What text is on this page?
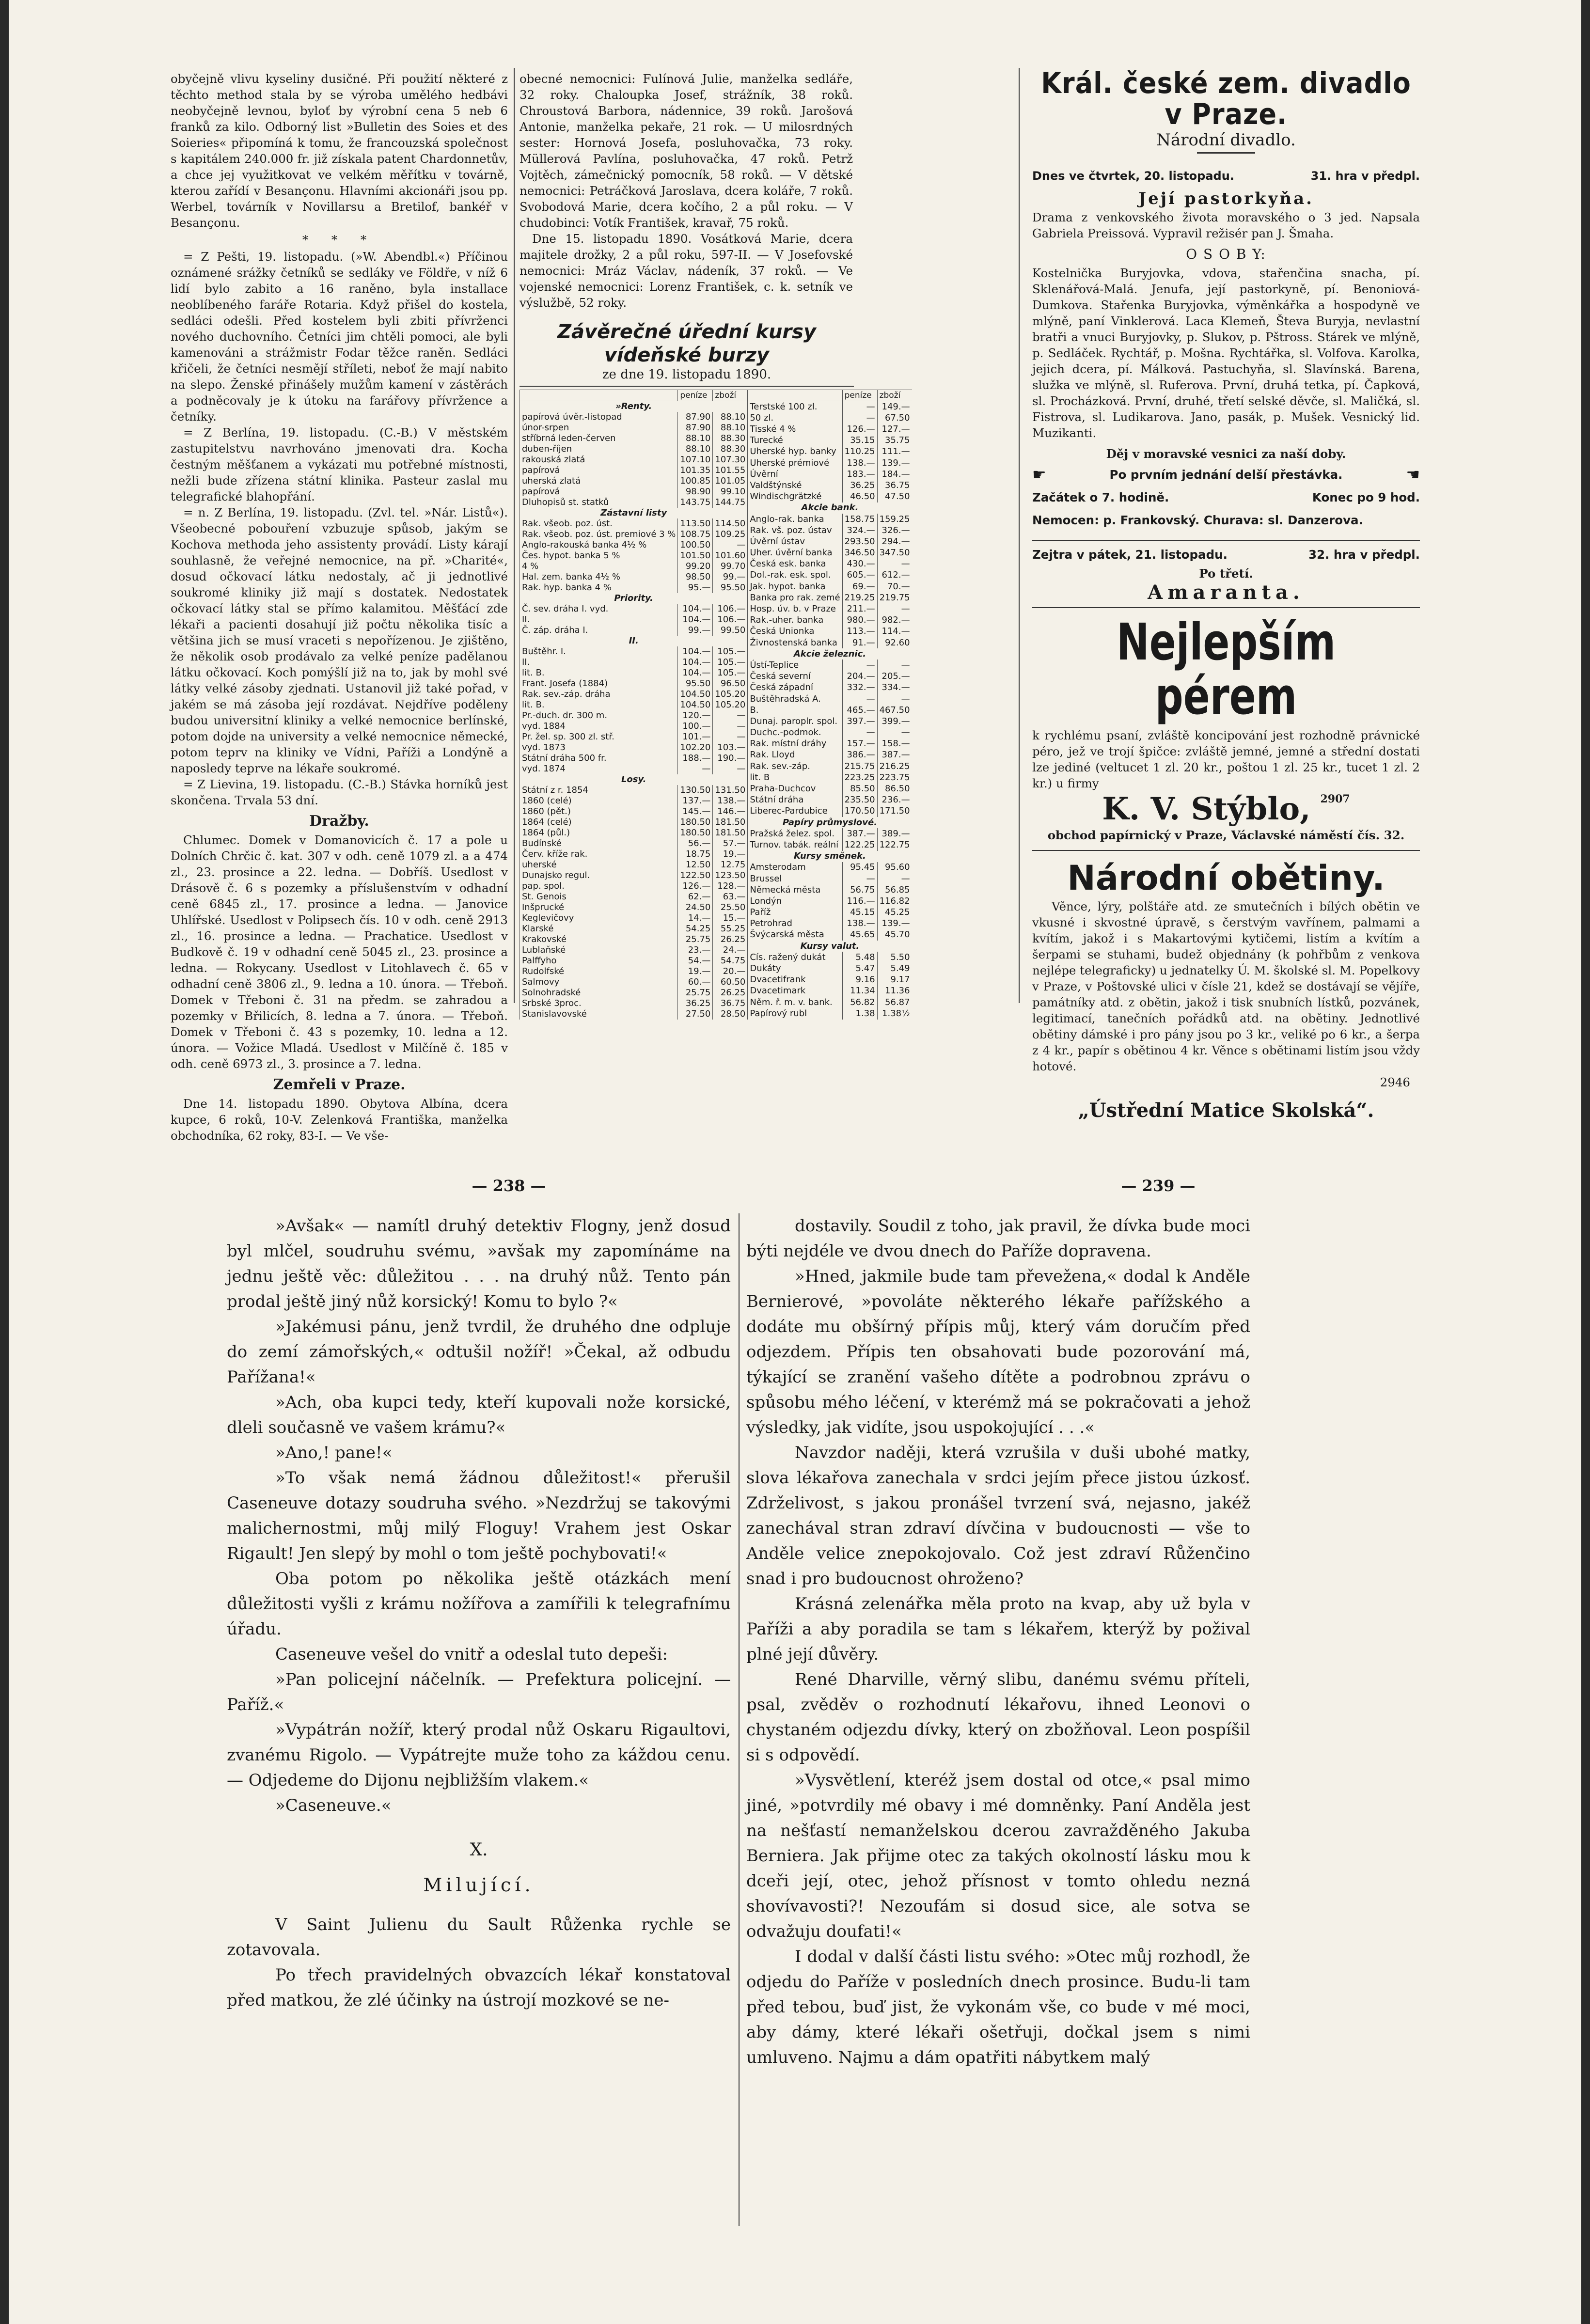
obyčejně vlivu kyseliny dusičné. Při použití některé z těchto method stala by se výroba umělého hedbávi neobyčejně levnou, byloť by výrobní cena 5 neb 6 franků za kilo. Odborný list »Bulletin des Soies et des Soieries« připomíná k tomu, že francouzská společnost s kapitálem 240.000 fr. již získala patent Chardonnetův, a chce jej využitkovat ve velkém měřítku v továrně, kterou zařídí v Besançonu. Hlavními akcionáři jsou pp. Werbel, továrník v Novillarsu a Bretilof, bankéř v Besançonu.

* * *

= Z Pešti, 19. listopadu. (»W. Abendbl.«) Příčinou oznámené srážky četníků se sedláky ve Földře, v níž 6 lidí bylo zabito a 16 raněno, byla installace neoblíbeného faráře Rotaria. Když přišel do kostela, sedláci odešli. Před kostelem byli zbiti přívrženci nového duchovního. Četníci jim chtěli pomoci, ale byli kamenováni a strážmistr Fodar těžce raněn. Sedláci křičeli, že četníci nesmějí stříleti, neboť že mají nabito na slepo. Ženské přinášely mužům kamení v zástěrách a podněcovaly je k útoku na farářovy přívržence a četníky.

= Z Berlína, 19. listopadu. (C.-B.) V městském zastupitelstvu navrhováno jmenovati dra. Kocha čestným měšťanem a vykázati mu potřebné místnosti, nežli bude zřízena státní klinika. Pasteur zaslal mu telegrafické blahopřání.

= n. Z Berlína, 19. listopadu. (Zvl. tel. »Nár. Listů«). Všeobecné pobouření vzbuzuje spůsob, jakým se Kochova methoda jeho assistenty provádí. Listy kárají souhlasně, že veřejné nemocnice, na př. »Charité«, dosud očkovací látku nedostaly, ač ji jednotlivé soukromé kliniky již mají s dostatek. Nedostatek očkovací látky stal se přímo kalamitou. Měšťácí zde lékaři a pacienti dosahují již počtu několika tisíc a většina jich se musí vraceti s nepořízenou. Je zjištěno, že několik osob prodávalo za velké peníze padělanou látku očkovací. Koch pomýšlí již na to, jak by mohl své látky velké zásoby zjednati. Ustanovil již také pořad, v jakém se má zásoba její rozdávat. Nejdříve poděleny budou universitní kliniky a velké nemocnice berlínské, potom dojde na university a velké nemocnice německé, potom teprv na kliniky ve Vídni, Paříži a Londýně a naposledy teprve na lékaře soukromé.

= Z Lievina, 19. listopadu. (C.-B.) Stávka horníků jest skončena. Trvala 53 dní.

Dražby.

Chlumec. Domek v Domanovicích č. 17 a pole u Dolních Chrčic č. kat. 307 v odh. ceně 1079 zl. a a 474 zl., 23. prosince a 22. ledna. — Dobříš. Usedlost v Drásově č. 6 s pozemky a příslušenstvím v odhadní ceně 6845 zl., 17. prosince a ledna. — Janovice Uhlířské. Usedlost v Polipsech čís. 10 v odh. ceně 2913 zl., 16. prosince a ledna. — Prachatice. Usedlost v Budkově č. 19 v odhadní ceně 5045 zl., 23. prosince a ledna. — Rokycany. Usedlost v Litohlavech č. 65 v odhadní ceně 3806 zl., 9. ledna a 10. února. — Třeboň. Domek v Třeboni č. 31 na předm. se zahradou a pozemky v Břilicích, 8. ledna a 7. února. — Třeboň. Domek v Třeboni č. 43 s pozemky, 10. ledna a 12. února. — Vožice Mladá. Usedlost v Milčíně č. 185 v odh. ceně 6973 zl., 3. prosince a 7. ledna.

Zemřeli v Praze.

Dne 14. listopadu 1890. Obytova Albína, dcera kupce, 6 roků, 10-V. Zelenková Františka, manželka obchodníka, 62 roky, 83-I. — Ve vše-

obecné nemocnici: Fulínová Julie, manželka sedláře, 32 roky. Chaloupka Josef, strážník, 38 roků. Chroustová Barbora, nádennice, 39 roků. Jarošová Antonie, manželka pekaře, 21 rok. — U milosrdných sester: Hornová Josefa, posluhovačka, 73 roky. Müllerová Pavlína, posluhovačka, 47 roků. Petrž Vojtěch, zámečnický pomocník, 58 roků. — V dětské nemocnici: Petráčková Jaroslava, dcera koláře, 7 roků. Svobodová Marie, dcera kočího, 2 a půl roku. — V chudobinci: Votík František, kravař, 75 roků.

Dne 15. listopadu 1890. Vosátková Marie, dcera majitele drožky, 2 a půl roku, 597-II. — V Josefovské nemocnici: Mráz Václav, nádeník, 37 roků. — Ve vojenské nemocnici: Lorenz František, c. k. setník ve výslužbě, 52 roky.

Závěrečné úřední kursy vídeňské burzy
ze dne 19. listopadu 1890.
	peníze	zboží
»Renty.		
papírová úvěr.-listopad	87.90	88.10
únor-srpen	87.90	88.10
stříbrná leden-červen	88.10	88.30
duben-říjen	88.10	88.30
rakouská zlatá	107.10	107.30
papírová	101.35	101.55
uherská zlatá	100.85	101.05
papírová	98.90	99.10
Dluhopisů st. statků	143.75	144.75
Zástavní listy		
Rak. všeob. poz. úst.	113.50	114.50
Rak. všeob. poz. úst. premiové 3 %	108.75	109.25
Anglo-rakouská banka 4½ %	100.50	—
Čes. hypot. banka 5 %	101.50	101.60
4 %	99.20	99.70
Hal. zem. banka 4½ %	98.50	99.—
Rak. hyp. banka 4 %	95.—	95.50
Priority.		
Č. sev. dráha I. vyd.	104.—	106.—
II.	104.—	106.—
Č. záp. dráha I.	99.—	99.50
II.		
Buštěhr. I.	104.—	105.—
II.	104.—	105.—
lit. B.	104.—	105.—
Frant. Josefa (1884)	95.50	96.50
Rak. sev.-záp. dráha	104.50	105.20
lit. B.	104.50	105.20
Pr.-duch. dr. 300 m.	120.—	—
vyd. 1884	100.—	—
Pr. žel. sp. 300 zl. stř.	101.—	—
vyd. 1873	102.20	103.—
Státní dráha 500 fr.	188.—	190.—
vyd. 1874	—	—
Losy.		
Státní z r. 1854	130.50	131.50
1860 (celé)	137.—	138.—
1860 (pět.)	145.—	146.—
1864 (celé)	180.50	181.50
1864 (půl.)	180.50	181.50
Budínské	56.—	57.—
Červ. kříže rak.	18.75	19.—
uherské	12.50	12.75
Dunajsko regul.	122.50	123.50
pap. spol.	126.—	128.—
St. Genois	62.—	63.—
Inšprucké	24.50	25.50
Keglevičovy	14.—	15.—
Klarské	54.25	55.25
Krakovské	25.75	26.25
Lublaňské	23.—	24.—
Palffyho	54.—	54.75
Rudolfské	19.—	20.—
Salmovy	60.—	60.50
Solnohradské	25.75	26.25
Srbské 3proc.	36.25	36.75
Stanislavovské	27.50	28.50
	peníze	zboží
Terstské 100 zl.	—	149.—
50 zl.	—	67.50
Tisské 4 %	126.—	127.—
Turecké	35.15	35.75
Uherské hyp. banky	110.25	111.—
Uherské prémiové	138.—	139.—
Úvěrní	183.—	184.—
Valdštýnské	36.25	36.75
Windischgrätzké	46.50	47.50
Akcie bank.		
Anglo-rak. banka	158.75	159.25
Rak. vš. poz. ústav	324.—	326.—
Úvěrní ústav	293.50	294.—
Uher. úvěrní banka	346.50	347.50
Česká esk. banka	430.—	—
Dol.-rak. esk. spol.	605.—	612.—
Jak. hypot. banka	69.—	70.—
Banka pro rak. zemé	219.25	219.75
Hosp. úv. b. v Praze	211.—	—
Rak.-uher. banka	980.—	982.—
Česká Unionka	113.—	114.—
Živnostenská banka	91.—	92.60
Akcie železnic.		
Ústí-Teplice	—	—
Česká severní	204.—	205.—
Česká západní	332.—	334.—
Buštěhradská A.	—	—
B.	465.—	467.50
Dunaj. paroplr. spol.	397.—	399.—
Duchc.-podmok.	—	—
Rak. místní dráhy	157.—	158.—
Rak. Lloyd	386.—	387.—
Rak. sev.-záp.	215.75	216.25
lit. B	223.25	223.75
Praha-Duchcov	85.50	86.50
Státní dráha	235.50	236.—
Liberec-Pardubice	170.50	171.50
Papíry průmyslové.		
Pražská želez. spol.	387.—	389.—
Turnov. tabák. reální	122.25	122.75
Kursy směnek.		
Amsterodam	95.45	95.60
Brussel	—	—
Německá města	56.75	56.85
Londýn	116.—	116.82
Paříž	45.15	45.25
Petrohrad	138.—	139.—
Švýcarská města	45.65	45.70
Kursy valut.		
Cís. ražený dukát	5.48	5.50
Dukáty	5.47	5.49
Dvacetifrank	9.16	9.17
Dvacetimark	11.34	11.36
Něm. ř. m. v. bank.	56.82	56.87
Papírový rubl	1.38	1.38½
Král. české zem. divadlo v Praze.
Národní divadlo.
Dnes ve čtvrtek, 20. listopadu.	31. hra v předpl.
Její pastorkyňa.

Drama z venkovského života moravského o 3 jed. Napsala Gabriela Preissová. Vypravil režisér pan J. Šmaha.

O S O B Y:

Kostelnička Buryjovka, vdova, stařenčina snacha, pí. Sklenářová-Malá. Jenufa, její pastorkyně, pí. Benoniová-Dumkova. Stařenka Buryjovka, výměnkářka a hospodyně ve mlýně, paní Vinklerová. Laca Klemeň, Števa Buryja, nevlastní bratři a vnuci Buryjovky, p. Slukov, p. Pštross. Stárek ve mlýně, p. Sedláček. Rychtář, p. Mošna. Rychtářka, sl. Volfova. Karolka, jejich dcera, pí. Málková. Pastuchyňa, sl. Slavínská. Barena, služka ve mlýně, sl. Ruferova. První, druhá tetka, pí. Čapková, sl. Procházková. První, druhé, třetí selské děvče, sl. Maličká, sl. Fistrova, sl. Ludikarova. Jano, pasák, p. Mušek. Vesnický lid. Muzikanti.

Děj v moravské vesnici za naší doby.
☛	Po prvním jednání delší přestávka.	☚
Začátek o 7. hodině.	Konec po 9 hod.
Nemocen: p. Frankovský. Churava: sl. Danzerova.
Zejtra v pátek, 21. listopadu.	32. hra v předpl.
Po třetí.
Amaranta.
Nejlepším pérem

k rychlému psaní, zvláště koncipování jest rozhodně právnické péro, jež ve trojí špičce: zvláště jemné, jemné a střední dostati lze jediné (veltucet 1 zl. 20 kr., poštou 1 zl. 25 kr., tucet 1 zl. 2 kr.) u firmy

K. V. Stýblo, 2907
obchod papírnický v Praze, Václavské náměstí čís. 32.
Národní obětiny.

Věnce, lýry, polštáře atd. ze smutečních i bílých obětin ve vkusné i skvostné úpravě, s čerstvým vavřínem, palmami a kvítím, jakož i s Makartovými kytičemi, listím a kvítím a šerpami se stuhami, budež objednány (k pohřbům z venkova nejlépe telegraficky) u jednatelky Ú. M. školské sl. M. Popelkovy v Praze, v Poštovské ulici v čísle 21, kdež se dostávají se vějíře, památníky atd. z obětin, jakož i tisk snubních lístků, pozvánek, legitimací, tanečních pořádků atd. na obětiny. Jednotlivé obětiny dámské i pro pány jsou po 3 kr., veliké po 6 kr., a šerpa z 4 kr., papír s obětinou 4 kr. Věnce s obětinami listím jsou vždy hotové.

2946
„Ústřední Matice Skolská“.
— 238 —	— 239 —

»Avšak« — namítl druhý detektiv Flogny, jenž dosud byl mlčel, soudruhu svému, »avšak my zapomínáme na jednu ještě věc: důležitou . . . na druhý nůž. Tento pán prodal ještě jiný nůž korsický! Komu to bylo ?«

»Jakémusi pánu, jenž tvrdil, že druhého dne odpluje do zemí zámořských,« odtušil nožíř! »Čekal, až odbudu Pařížana!«

»Ach, oba kupci tedy, kteří kupovali nože korsické, dleli současně ve vašem krámu?«

»Ano,! pane!«

»To však nemá žádnou důležitost!« přerušil Caseneuve dotazy soudruha svého. »Nezdržuj se takovými malichernostmi, můj milý Floguy! Vrahem jest Oskar Rigault! Jen slepý by mohl o tom ještě pochybovati!«

Oba potom po několika ještě otázkách mení důležitosti vyšli z krámu nožířova a zamířili k telegrafnímu úřadu.

Caseneuve vešel do vnitř a odeslal tuto depeši:

»Pan policejní náčelník. — Prefektura policejní. — Paříž.«

»Vypátrán nožíř, který prodal nůž Oskaru Rigaultovi, zvanému Rigolo. — Vypátrejte muže toho za káždou cenu. — Odjedeme do Dijonu nejbližším vlakem.«

»Caseneuve.«

X.
Milující.

V Saint Julienu du Sault Růženka rychle se zotavovala.

Po třech pravidelných obvazcích lékař konstatoval před matkou, že zlé účinky na ústrojí mozkové se ne-

dostavily. Soudil z toho, jak pravil, že dívka bude moci býti nejdéle ve dvou dnech do Paříže dopravena.

»Hned, jakmile bude tam převežena,« dodal k Anděle Bernierové, »povoláte některého lékaře pařížského a dodáte mu obšírný přípis můj, který vám doručím před odjezdem. Přípis ten obsahovati bude pozorování má, týkající se zranění vašeho dítěte a podrobnou zprávu o spůsobu mého léčení, v kterémž má se pokračovati a jehož výsledky, jak vidíte, jsou uspokojující . . .«

Navzdor naději, která vzrušila v duši ubohé matky, slova lékařova zanechala v srdci jejím přece jistou úzkosť. Zdrželivost, s jakou pronášel tvrzení svá, nejasno, jakéž zanechával stran zdraví dívčina v budoucnosti — vše to Anděle velice znepokojovalo. Což jest zdraví Růženčino snad i pro budoucnost ohroženo?

Krásná zelenářka měla proto na kvap, aby už byla v Paříži a aby poradila se tam s lékařem, kterýž by požival plné její důvěry.

René Dharville, věrný slibu, danému svému příteli, psal, zvěděv o rozhodnutí lékařovu, ihned Leonovi o chystaném odjezdu dívky, který on zbožňoval. Leon pospíšil si s odpovědí.

»Vysvětlení, kteréž jsem dostal od otce,« psal mimo jiné, »potvrdily mé obavy i mé domněnky. Paní Anděla jest na nešťastí nemanželskou dcerou zavražděného Jakuba Berniera. Jak přijme otec za takých okolností lásku mou k dceři její, otec, jehož přísnost v tomto ohledu nezná shovívavosti?! Nezoufám si dosud sice, ale sotva se odvažuju doufati!«

I dodal v další části listu svého: »Otec můj rozhodl, že odjedu do Paříže v posledních dnech prosince. Budu-li tam před tebou, buď jist, že vykonám vše, co bude v mé moci, aby dámy, které lékaři ošetřuji, dočkal jsem s nimi umluveno. Najmu a dám opatřiti nábytkem malý
